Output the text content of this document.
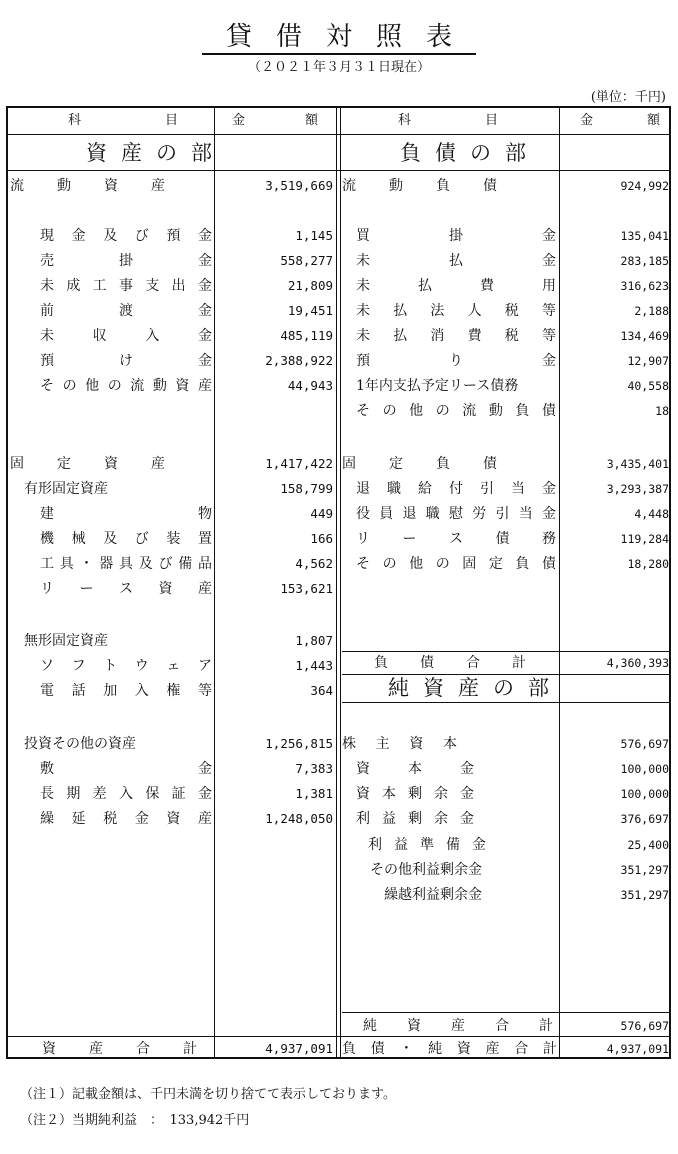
貸借対照表
（２０２１年３月３１日現在）
(単位：千円)
科	目	金	額	科	目	金	額
資産の部	負債の部
純資産の部
流 動 資 産	3,519,669
現 金 及 び 預 金	1,145
売	掛	金	558,277
未 成 工 事 支 出 金	21,809
前	渡	金	19,451
未	収	入	金	485,119
預	け	金	2,388,922
そ の 他 の 流 動 資 産	44,943
固 定 資 産	1,417,422
有形固定資産	158,799
建	物	449
機 械 及 び 装 置	166
工 具 ・ 器 具 及 び 備 品	4,562
リ ー ス 資 産	153,621
無形固定資産	1,807
ソ フ ト ウ ェ ア	1,443
電 話 加 入 権 等	364
投資その他の資産	1,256,815
敷	金	7,383
長 期 差 入 保 証 金	1,381
繰 延 税 金 資 産	1,248,050
流 動 負 債	924,992
買	掛	金	135,041
未	払	金	283,185
未	払	費	用	316,623
未 払 法 人 税 等	2,188
未 払 消 費 税 等	134,469
預	り	金	12,907
1年内支払予定リース債務	40,558
そ の 他 の 流 動 負 債	18
固 定 負 債	3,435,401
退 職 給 付 引 当 金	3,293,387
役 員 退 職 慰 労 引 当 金	4,448
リ ー ス 債 務	119,284
そ の 他 の 固 定 負 債	18,280
負 債 合 計	4,360,393
株 主 資 本	576,697
資	本	金	100,000
資 本 剰 余 金	100,000
利 益 剰 余 金	376,697
利 益 準 備 金	25,400
その他利益剰余金	351,297
繰越利益剰余金	351,297
純 資 産 合 計	576,697
資 産 合 計	4,937,091 負 債 ・ 純 資 産 合 計	4,937,091
（注１）記載金額は、千円未満を切り捨てて表示しております。
（注２）当期純利益　：　133,942千円
